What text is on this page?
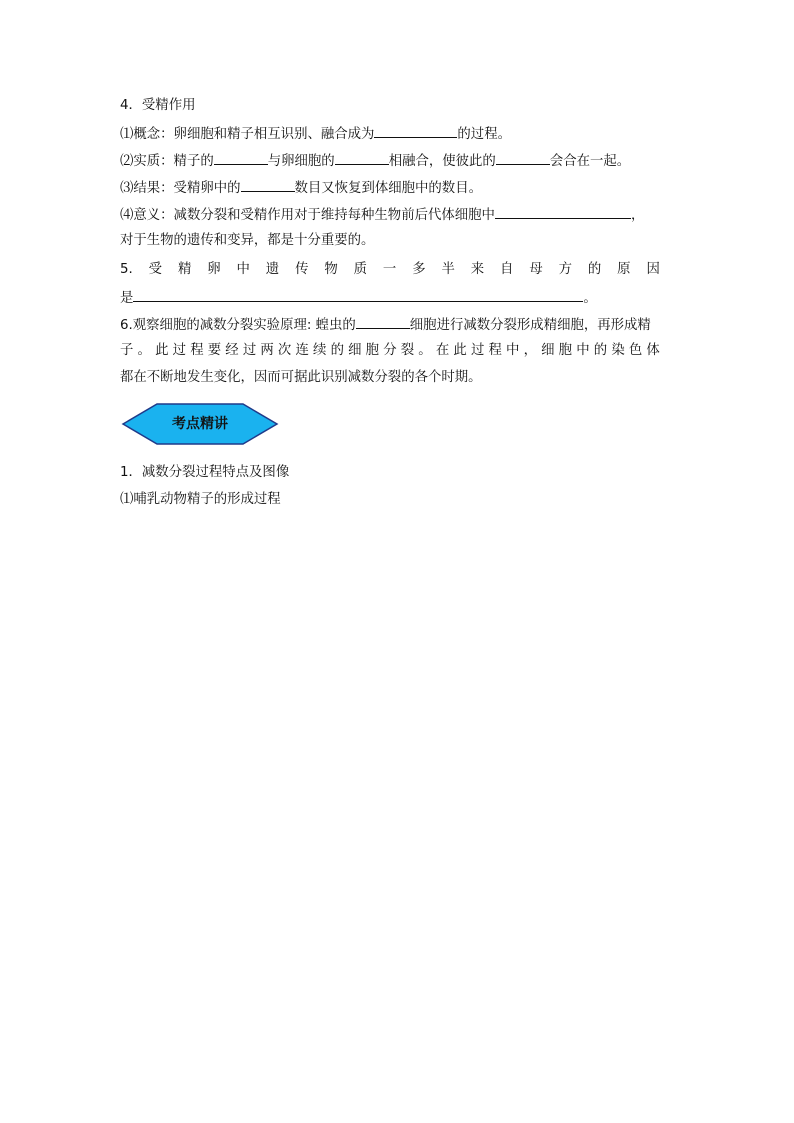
4．受精作用
⑴概念：卵细胞和精子相互识别、融合成为	的过程。
⑵实质：精子的	与卵细胞的	相融合，使彼此的	会合在一起。
⑶结果：受精卵中的	数目又恢复到体细胞中的数目。
⑷意义：减数分裂和受精作用对于维持每种生物前后代体细胞中	，
对于生物的遗传和变异，都是十分重要的。
5. 受 精 卵 中 遗 传 物 质 一 多 半 来 自 母 方 的 原 因
是	。
6.观察细胞的减数分裂实验原理: 蝗虫的	细胞进行减数分裂形成精细胞，再形成精
子 。 此 过 程 要 经 过 两 次 连 续 的 细 胞 分 裂 。 在 此 过 程 中 ， 细 胞 中 的 染 色 体
都在不断地发生变化，因而可据此识别减数分裂的各个时期。
考点精讲
1．减数分裂过程特点及图像
⑴哺乳动物精子的形成过程
